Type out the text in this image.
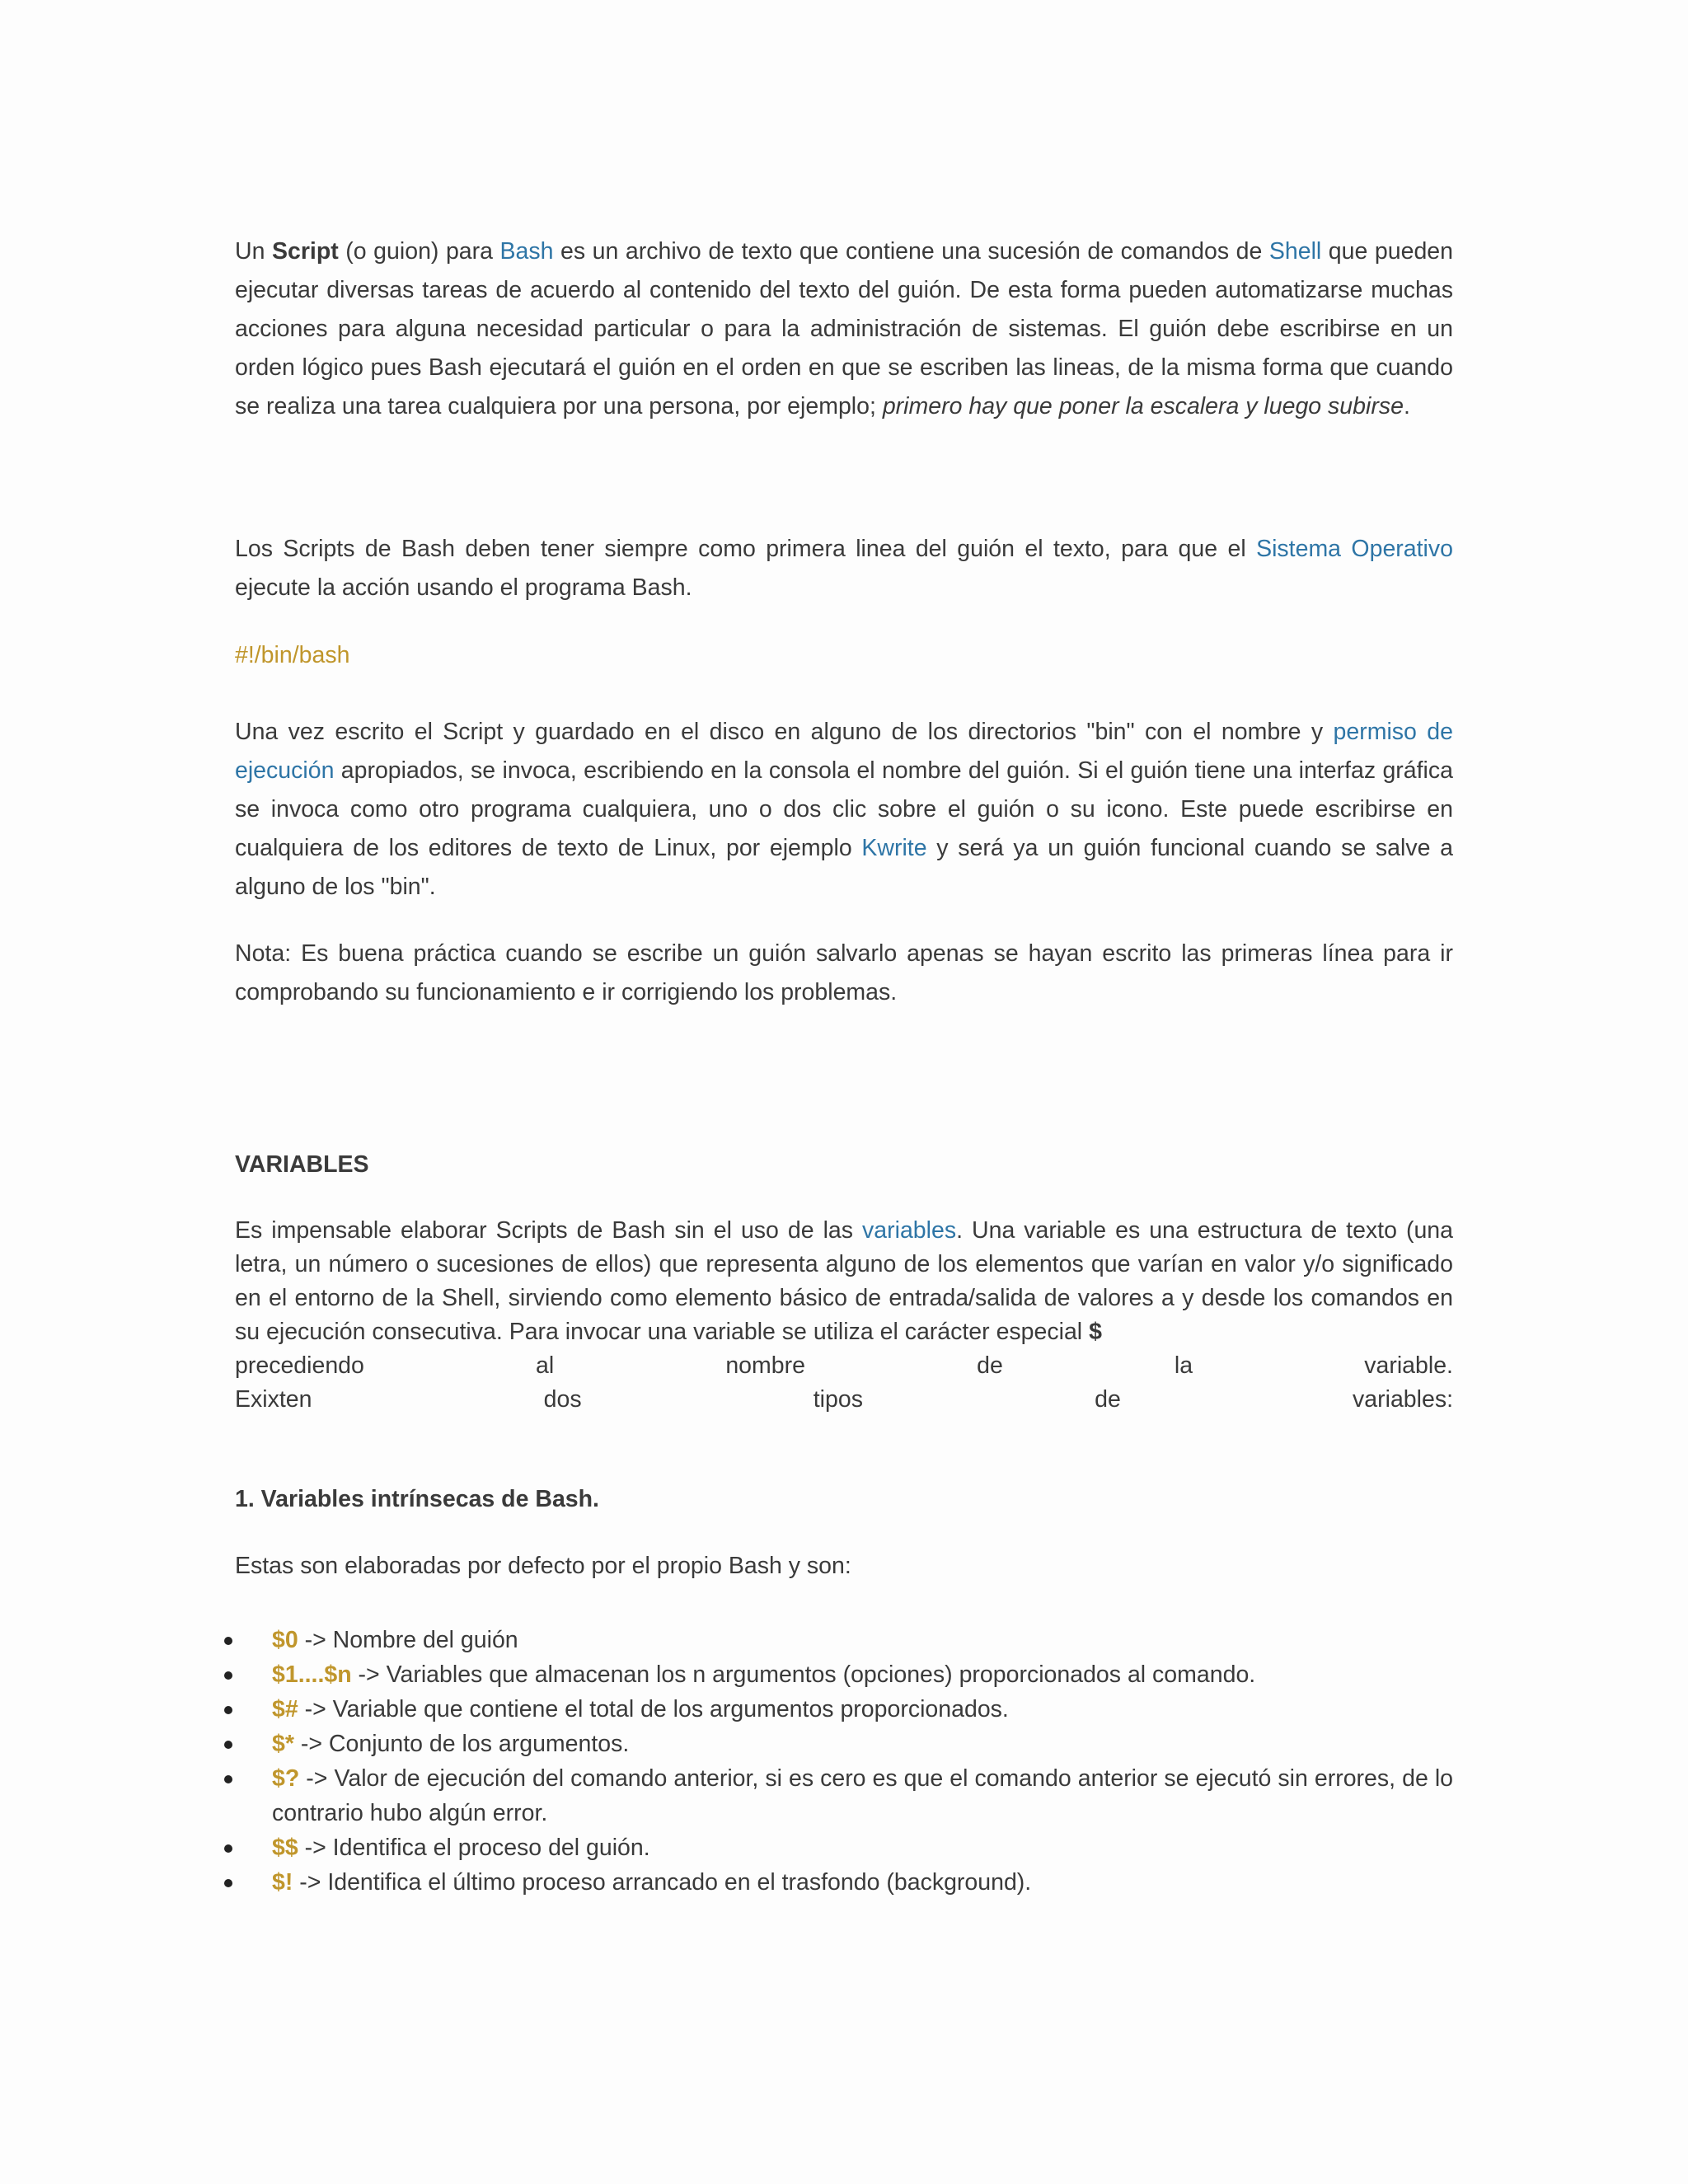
Un Script (o guion) para Bash es un archivo de texto que contiene una sucesión de comandos de Shell que pueden ejecutar diversas tareas de acuerdo al contenido del texto del guión. De esta forma pueden automatizarse muchas acciones para alguna necesidad particular o para la administración de sistemas. El guión debe escribirse en un orden lógico pues Bash ejecutará el guión en el orden en que se escriben las lineas, de la misma forma que cuando se realiza una tarea cualquiera por una persona, por ejemplo; primero hay que poner la escalera y luego subirse.

Los Scripts de Bash deben tener siempre como primera linea del guión el texto, para que el Sistema Operativo ejecute la acción usando el programa Bash.

#!/bin/bash

Una vez escrito el Script y guardado en el disco en alguno de los directorios "bin" con el nombre y permiso de ejecución apropiados, se invoca, escribiendo en la consola el nombre del guión. Si el guión tiene una interfaz gráfica se invoca como otro programa cualquiera, uno o dos clic sobre el guión o su icono. Este puede escribirse en cualquiera de los editores de texto de Linux, por ejemplo Kwrite y será ya un guión funcional cuando se salve a alguno de los "bin".

Nota: Es buena práctica cuando se escribe un guión salvarlo apenas se hayan escrito las primeras línea para ir comprobando su funcionamiento e ir corrigiendo los problemas.

VARIABLES

Es impensable elaborar Scripts de Bash sin el uso de las variables. Una variable es una estructura de texto (una letra, un número o sucesiones de ellos) que representa alguno de los elementos que varían en valor y/o significado en el entorno de la Shell, sirviendo como elemento básico de entrada/salida de valores a y desde los comandos en su ejecución consecutiva. Para invocar una variable se utiliza el carácter especial $

precediendo	al	nombre	de	la	variable.
Exixten	dos	tipos	de	variables:

1. Variables intrínsecas de Bash.

Estas son elaboradas por defecto por el propio Bash y son:

$0 -> Nombre del guión
$1....$n -> Variables que almacenan los n argumentos (opciones) proporcionados al comando.
$# -> Variable que contiene el total de los argumentos proporcionados.
$* -> Conjunto de los argumentos.
$? -> Valor de ejecución del comando anterior, si es cero es que el comando anterior se ejecutó sin errores, de lo contrario hubo algún error.
$$ -> Identifica el proceso del guión.
$! -> Identifica el último proceso arrancado en el trasfondo (background).
